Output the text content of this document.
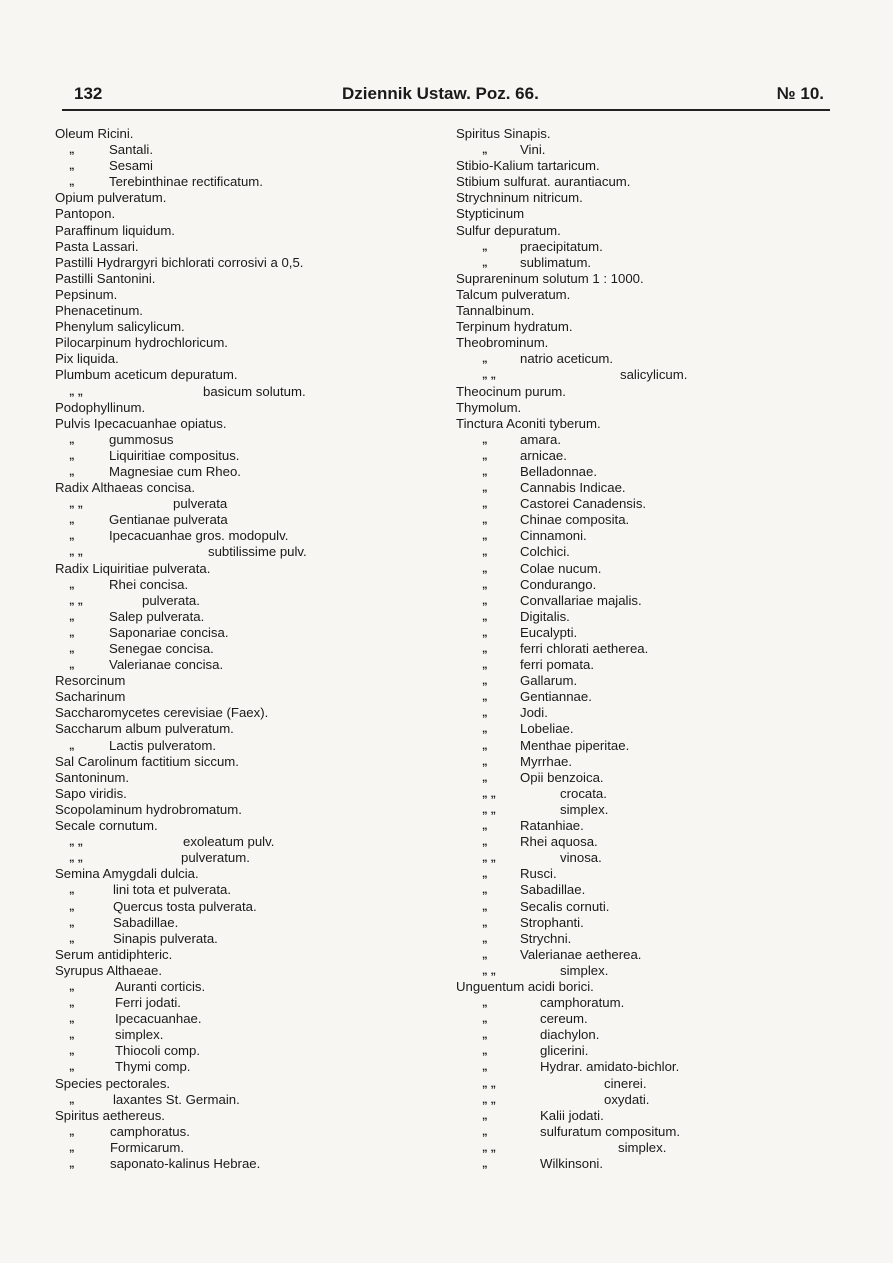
132	Dziennik Ustaw. Poz. 66.	№ 10.
Oleum Ricini.
„	Santali.
„	Sesami
„	Terebinthinae rectificatum.
Opium pulveratum.
Pantopon.
Paraffinum liquidum.
Pasta Lassari.
Pastilli Hydrargyri bichlorati corrosivi a 0,5.
Pastilli Santonini.
Pepsinum.
Phenacetinum.
Phenylum salicylicum.
Pilocarpinum hydrochloricum.
Pix liquida.
Plumbum aceticum depuratum.
„ „	basicum solutum.
Podophyllinum.
Pulvis Ipecacuanhae opiatus.
„	gummosus
„	Liquiritiae compositus.
„	Magnesiae cum Rheo.
Radix Althaeas concisa.
„ „	pulverata
„	Gentianae pulverata
„	Ipecacuanhae gros. modopulv.
„ „	subtilissime pulv.
Radix Liquiritiae pulverata.
„	Rhei concisa.
„ „	pulverata.
„	Salep pulverata.
„	Saponariae concisa.
„	Senegae concisa.
„	Valerianae concisa.
Resorcinum
Sacharinum
Saccharomycetes cerevisiae (Faex).
Saccharum album pulveratum.
„	Lactis pulveratom.
Sal Carolinum factitium siccum.
Santoninum.
Sapo viridis.
Scopolaminum hydrobromatum.
Secale cornutum.
„ „	exoleatum pulv.
„ „	pulveratum.
Semina Amygdali dulcia.
„	lini tota et pulverata.
„	Quercus tosta pulverata.
„	Sabadillae.
„	Sinapis pulverata.
Serum antidiphteric.
Syrupus Althaeae.
„	Auranti corticis.
„	Ferri jodati.
„	Ipecacuanhae.
„	simplex.
„	Thiocoli comp.
„	Thymi comp.
Species pectorales.
„	laxantes St. Germain.
Spiritus aethereus.
„	camphoratus.
„	Formicarum.
„	saponato-kalinus Hebrae.
Spiritus Sinapis.
„ Vini.
Stibio-Kalium tartaricum.
Stibium sulfurat. aurantiacum.
Strychninum nitricum.
Stypticinum
Sulfur depuratum.
„ praecipitatum.
„ sublimatum.
Suprareninum solutum 1 : 1000.
Talcum pulveratum.
Tannalbinum.
Terpinum hydratum.
Theobrominum.
„ natrio aceticum.
„ „	salicylicum.
Theocinum purum.
Thymolum.
Tinctura Aconiti tyberum.
„ amara.
„ arnicae.
„ Belladonnae.
„ Cannabis Indicae.
„ Castorei Canadensis.
„ Chinae composita.
„ Cinnamoni.
„ Colchici.
„ Colae nucum.
„ Condurango.
„ Convallariae majalis.
„ Digitalis.
„ Eucalypti.
„ ferri chlorati aetherea.
„ ferri pomata.
„ Gallarum.
„ Gentiannae.
„ Jodi.
„ Lobeliae.
„ Menthae piperitae.
„ Myrrhae.
„ Opii benzoica.
„ „	crocata.
„ „	simplex.
„ Ratanhiae.
„ Rhei aquosa.
„ „	vinosa.
„ Rusci.
„ Sabadillae.
„ Secalis cornuti.
„ Strophanti.
„ Strychni.
„ Valerianae aetherea.
„ „	simplex.
Unguentum acidi borici.
„	camphoratum.
„	cereum.
„	diachylon.
„	glicerini.
„	Hydrar. amidato-bichlor.
„ „	cinerei.
„ „	oxydati.
„	Kalii jodati.
„	sulfuratum compositum.
„ „	simplex.
„	Wilkinsoni.
